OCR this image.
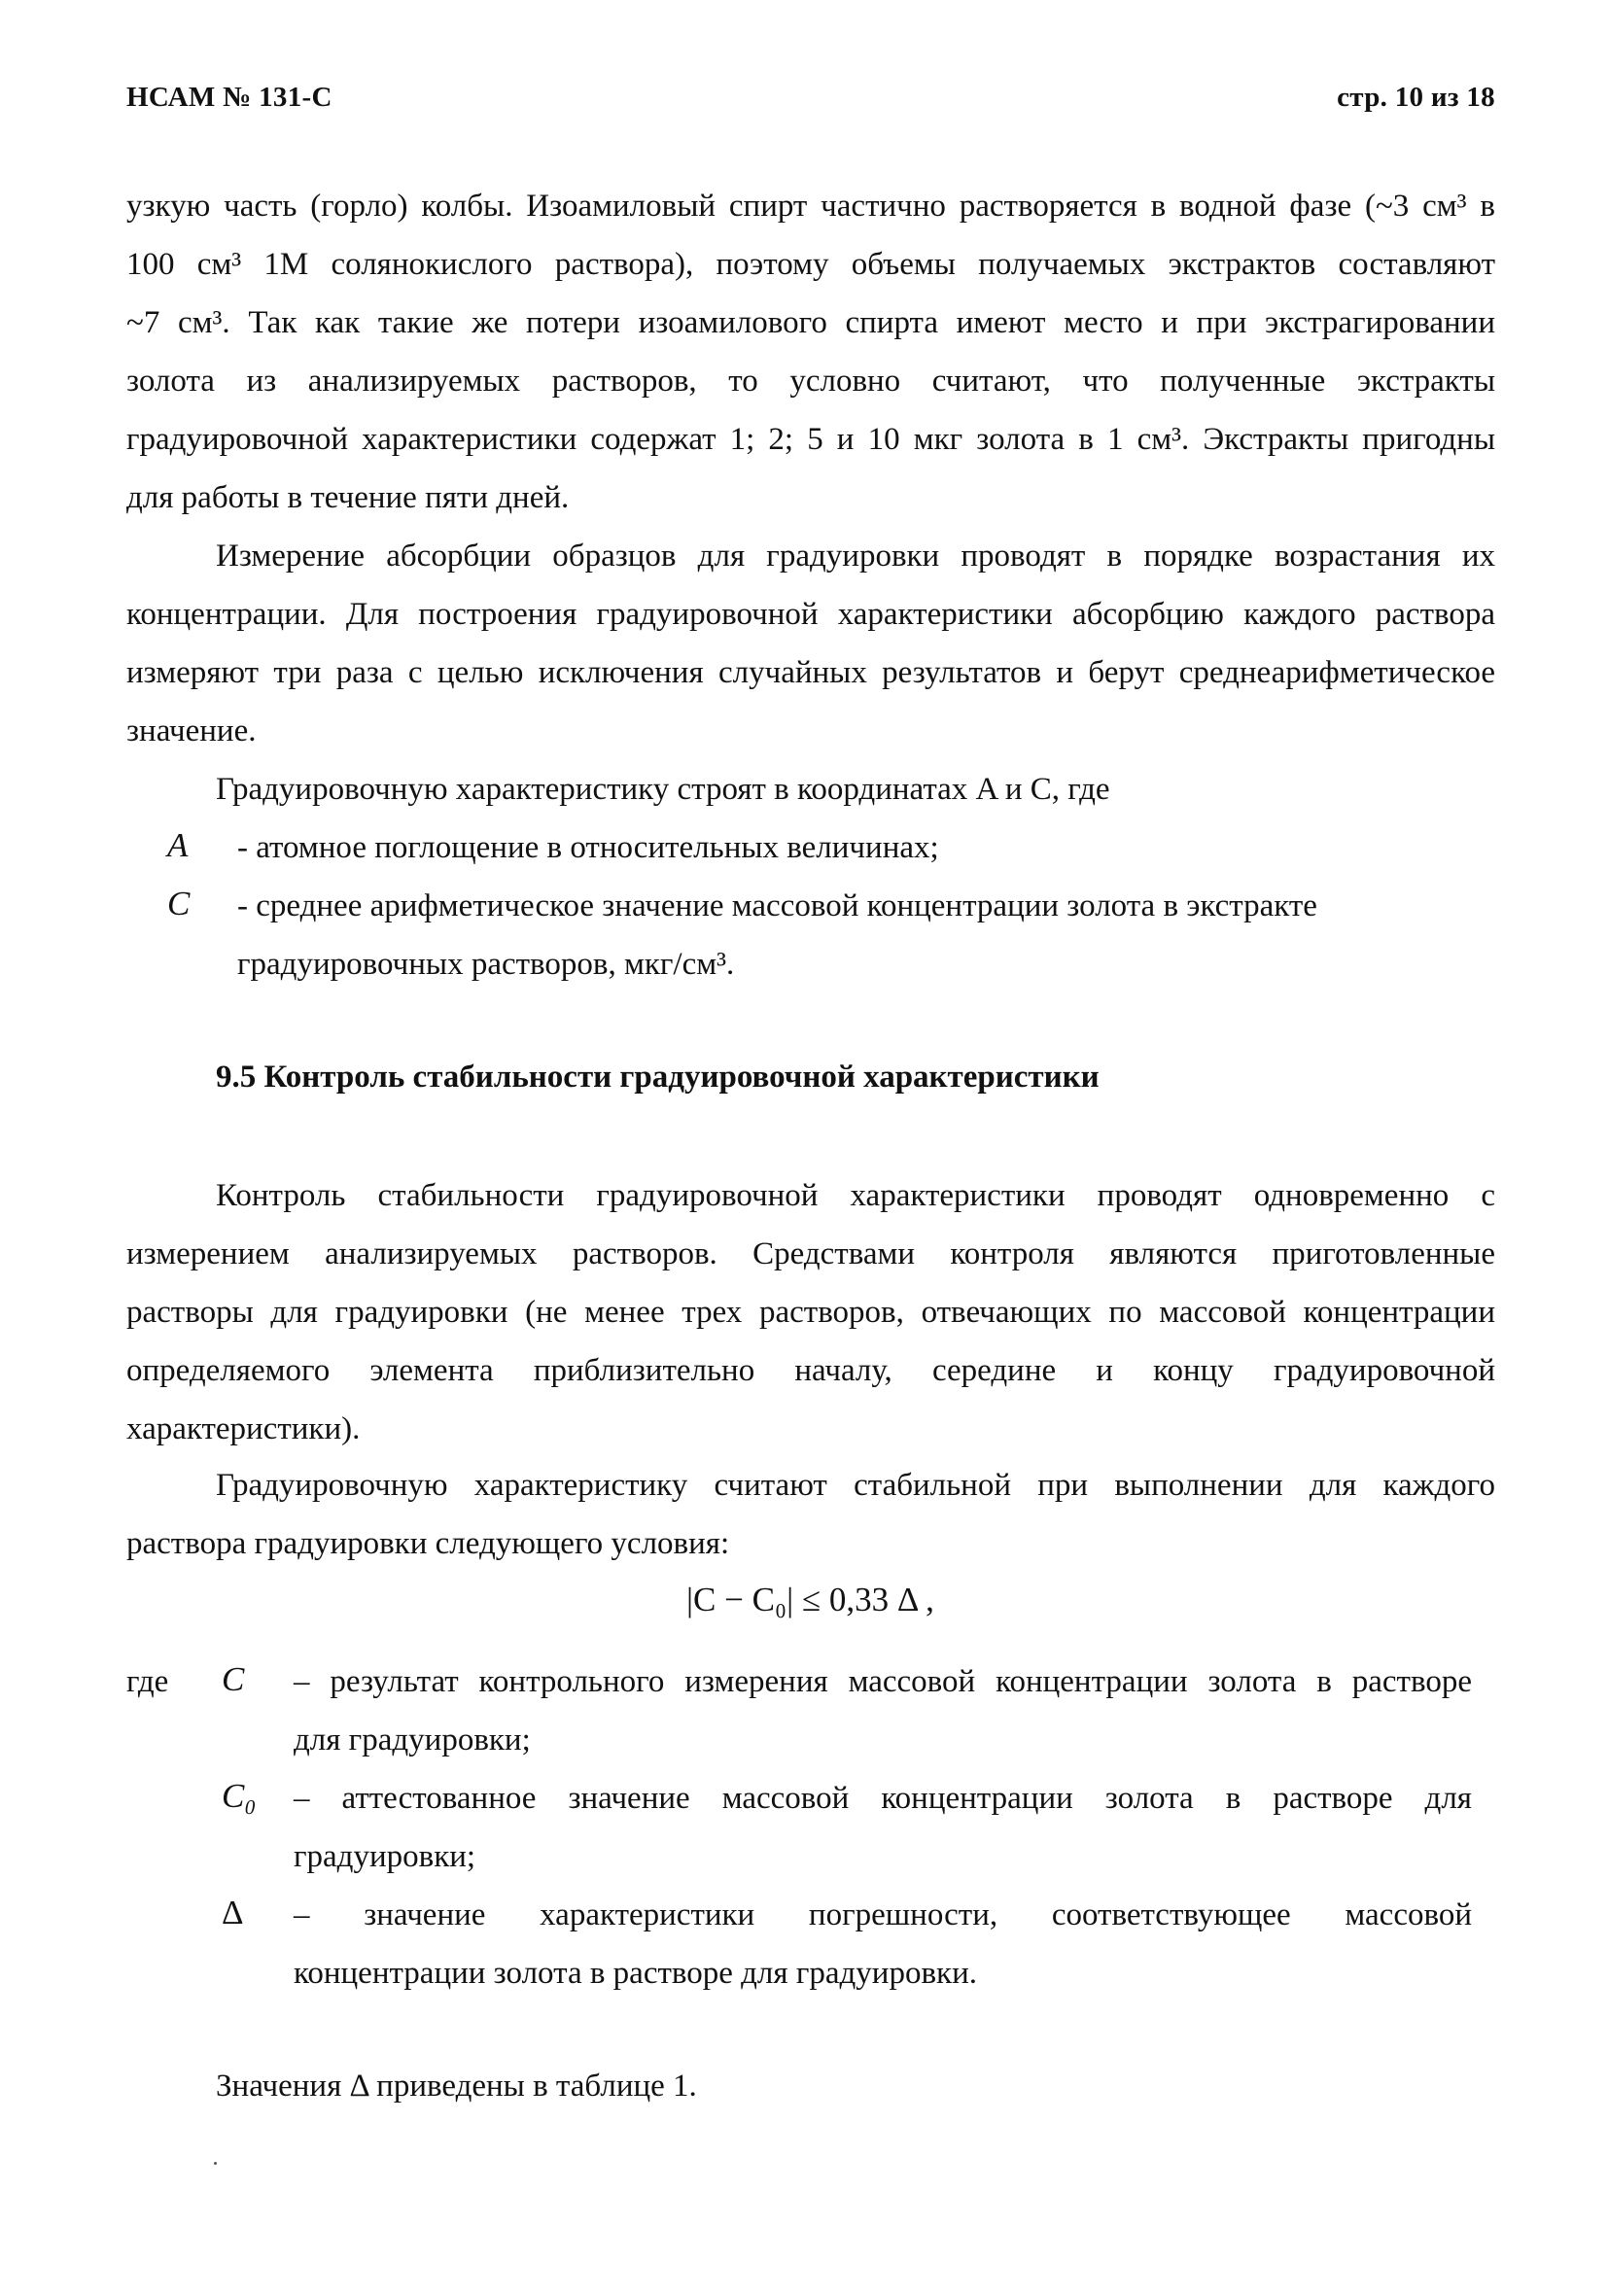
НСАМ № 131-С	стр. 10 из 18
узкую часть (горло) колбы. Изоамиловый спирт частично растворяется в водной фазе (~3 см³ в
100 см³ 1М солянокислого раствора), поэтому объемы получаемых экстрактов составляют
~7 см³. Так как такие же потери изоамилового спирта имеют место и при экстрагировании
золота из анализируемых растворов, то условно считают, что полученные экстракты
градуировочной характеристики содержат 1; 2; 5 и 10 мкг золота в 1 см³. Экстракты пригодны
для работы в течение пяти дней.
Измерение абсорбции образцов для градуировки проводят в порядке возрастания их
концентрации. Для построения градуировочной характеристики абсорбцию каждого раствора
измеряют три раза с целью исключения случайных результатов и берут среднеарифметическое
значение.
Градуировочную характеристику строят в координатах A и C, где
A - атомное поглощение в относительных величинах;
C - среднее арифметическое значение массовой концентрации золота в экстракте
градуировочных растворов, мкг/см³.
9.5 Контроль стабильности градуировочной характеристики
Контроль стабильности градуировочной характеристики проводят одновременно с
измерением анализируемых растворов. Средствами контроля являются приготовленные
растворы для градуировки (не менее трех растворов, отвечающих по массовой концентрации
определяемого элемента приблизительно началу, середине и концу градуировочной
характеристики).
Градуировочную характеристику считают стабильной при выполнении для каждого
раствора градуировки следующего условия:
|C − C₀| ≤ 0,33 Δ ,
где C – результат контрольного измерения массовой концентрации золота в растворе
для градуировки;
C₀ – аттестованное значение массовой концентрации золота в растворе для
градуировки;
Δ – значение характеристики погрешности, соответствующее массовой
концентрации золота в растворе для градуировки.
Значения Δ приведены в таблице 1.
